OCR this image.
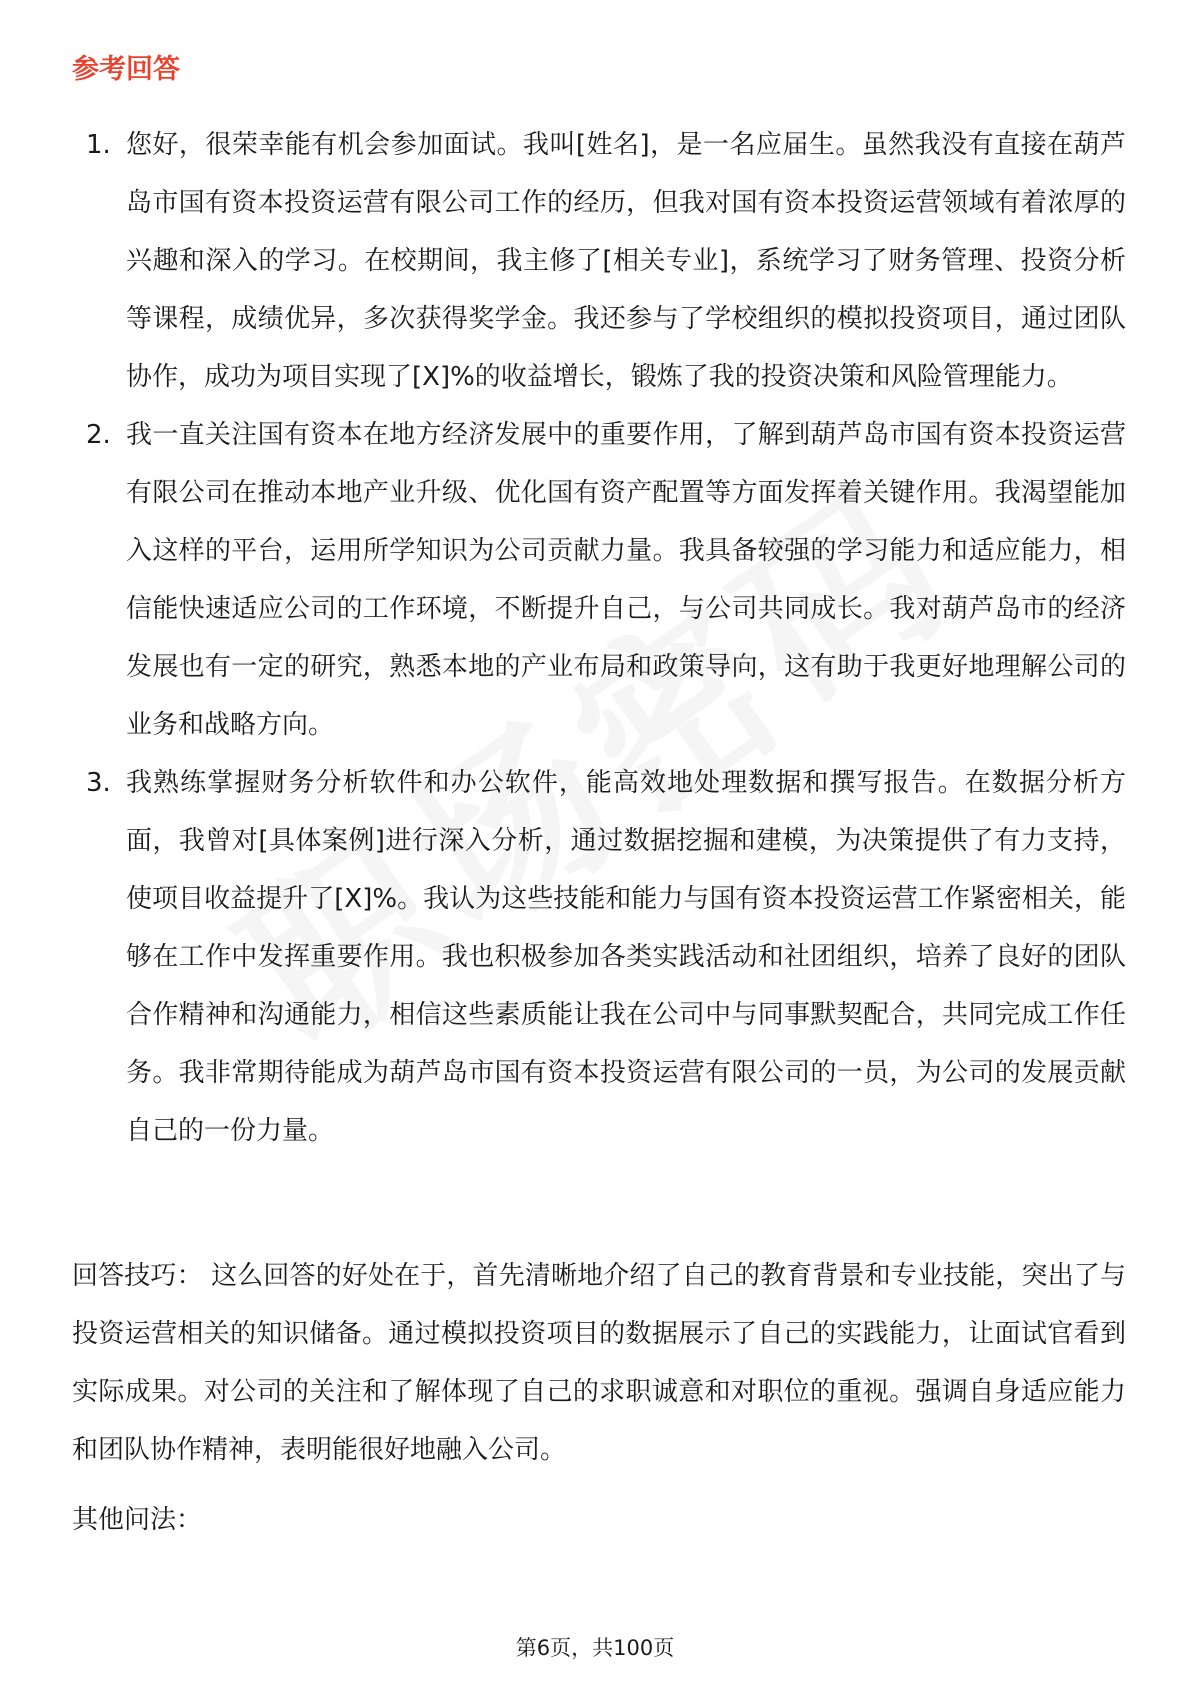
参考回答
1. 您好，很荣幸能有机会参加面试。我叫[姓名]，是一名应届生。虽然我没有直接在葫芦岛市国有资本投资运营有限公司工作的经历，但我对国有资本投资运营领域有着浓厚的兴趣和深入的学习。在校期间，我主修了[相关专业]，系统学习了财务管理、投资分析等课程，成绩优异，多次获得奖学金。我还参与了学校组织的模拟投资项目，通过团队协作，成功为项目实现了[X]%的收益增长，锻炼了我的投资决策和风险管理能力。
2. 我一直关注国有资本在地方经济发展中的重要作用，了解到葫芦岛市国有资本投资运营有限公司在推动本地产业升级、优化国有资产配置等方面发挥着关键作用。我渴望能加入这样的平台，运用所学知识为公司贡献力量。我具备较强的学习能力和适应能力，相信能快速适应公司的工作环境，不断提升自己，与公司共同成长。我对葫芦岛市的经济发展也有一定的研究，熟悉本地的产业布局和政策导向，这有助于我更好地理解公司的业务和战略方向。
3. 我熟练掌握财务分析软件和办公软件，能高效地处理数据和撰写报告。在数据分析方面，我曾对[具体案例]进行深入分析，通过数据挖掘和建模，为决策提供了有力支持，使项目收益提升了[X]%。我认为这些技能和能力与国有资本投资运营工作紧密相关，能够在工作中发挥重要作用。我也积极参加各类实践活动和社团组织，培养了良好的团队合作精神和沟通能力，相信这些素质能让我在公司中与同事默契配合，共同完成工作任务。我非常期待能成为葫芦岛市国有资本投资运营有限公司的一员，为公司的发展贡献自己的一份力量。
回答技巧： 这么回答的好处在于，首先清晰地介绍了自己的教育背景和专业技能，突出了与投资运营相关的知识储备。通过模拟投资项目的数据展示了自己的实践能力，让面试官看到实际成果。对公司的关注和了解体现了自己的求职诚意和对职位的重视。强调自身适应能力和团队协作精神，表明能很好地融入公司。
其他问法：
第6页，共100页
